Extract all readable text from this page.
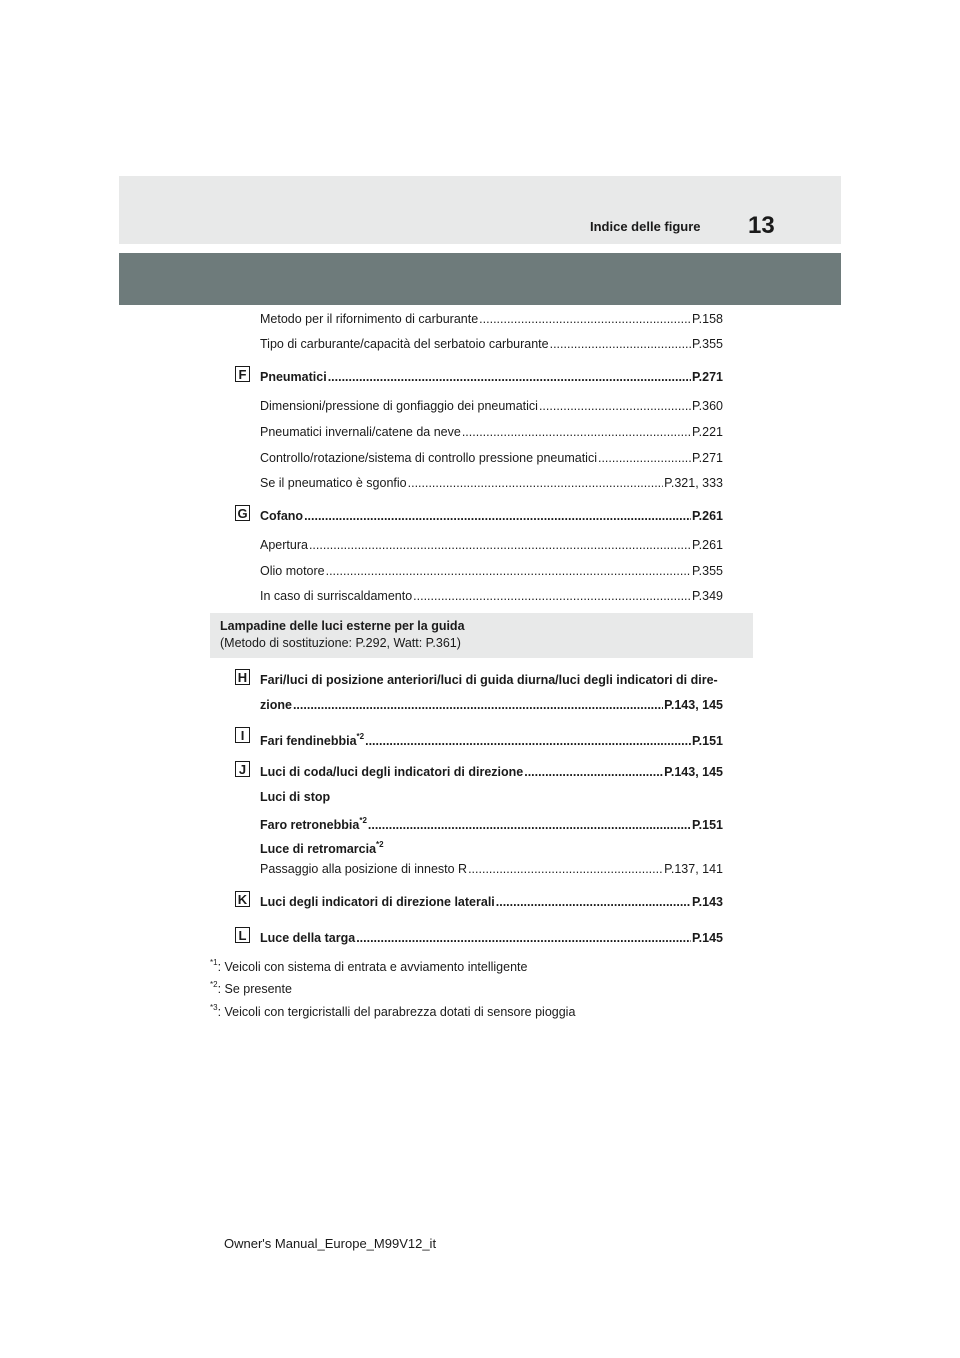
Indice delle figure 13
Metodo per il rifornimento di carburante .....	P.158
Tipo di carburante/capacità del serbatoio carburante .....	P.355
F Pneumatici .....	P.271
Dimensioni/pressione di gonfiaggio dei pneumatici .....	P.360
Pneumatici invernali/catene da neve .....	P.221
Controllo/rotazione/sistema di controllo pressione pneumatici .....	P.271
Se il pneumatico è sgonfio .....	P.321, 333
G Cofano .....	P.261
Apertura .....	P.261
Olio motore .....	P.355
In caso di surriscaldamento .....	P.349
Lampadine delle luci esterne per la guida
(Metodo di sostituzione: P.292, Watt: P.361)
H Fari/luci di posizione anteriori/luci di guida diurna/luci degli indicatori di dire-
zione .....	P.143, 145
I	Fari fendinebbia$^{*2}$ .....	P.151
J	Luci di coda/luci degli indicatori di direzione .....	P.143, 145
Luci di stop
Faro retronebbia$^{*2}$ .....	P.151
Luce di retromarcia$^{*2}$
Passaggio alla posizione di innesto R .....	P.137, 141
K Luci degli indicatori di direzione laterali .....	P.143
L Luce della targa .....	P.145
$^{*1}$: Veicoli con sistema di entrata e avviamento intelligente
$^{*2}$: Se presente
$^{*3}$: Veicoli con tergicristalli del parabrezza dotati di sensore pioggia
Owner's Manual_Europe_M99V12_it
